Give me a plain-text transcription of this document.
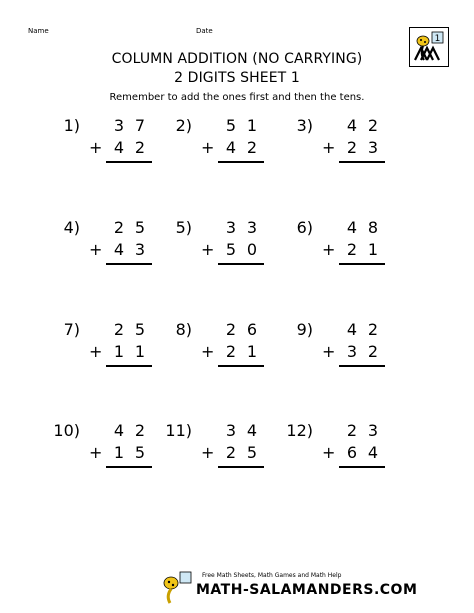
Name	Date
1
COLUMN ADDITION (NO CARRYING)
2 DIGITS SHEET 1
Remember to add the ones first and then the tens.
1) 3 7
+ 4 2
2) 5 1
+ 4 2
3) 4 2
+ 2 3
4) 2 5
+ 4 3
5) 3 3
+ 5 0
6) 4 8
+ 2 1
7) 2 5
+ 1 1
8) 2 6
+ 2 1
9) 4 2
+ 3 2
10) 4 2
+ 1 5
11) 3 4
+ 2 5
12) 2 3
+ 6 4
Free Math Sheets, Math Games and Math Help
MATH-SALAMANDERS.COM
